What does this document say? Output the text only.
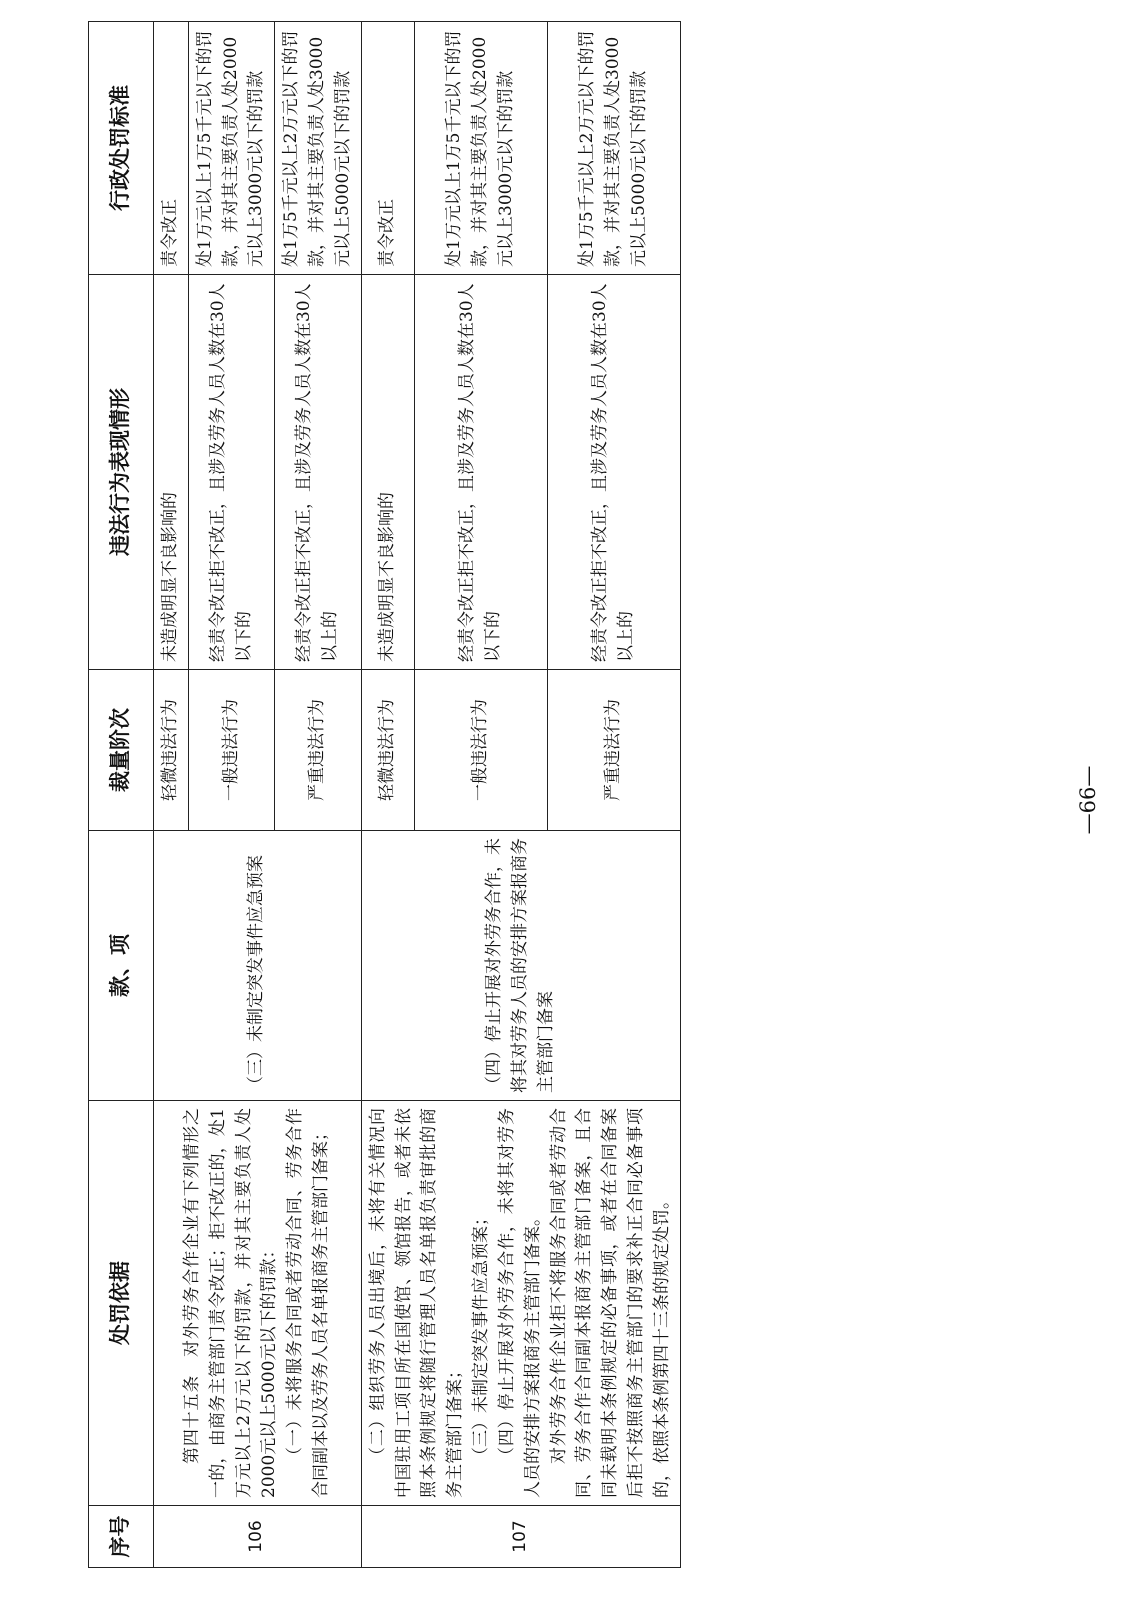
序号	处罚依据	款、项	裁量阶次	违法行为表现情形	行政处罚标准
106	第四十五条　对外劳务合作企业有下列情形之一的，由商务主管部门责令改正；拒不改正的，处1万元以上2万元以下的罚款，并对其主要负责人处2000元以上5000元以下的罚款： （一）未将服务合同或者劳动合同、劳务合作合同副本以及劳务人员名单报商务主管部门备案；	（三）未制定突发事件应急预案	轻微违法行为	未造成明显不良影响的	责令改正
			一般违法行为	经责令改正拒不改正，且涉及劳务人员人数在30人以下的	处1万元以上1万5千元以下的罚款，并对其主要负责人处2000元以上3000元以下的罚款
			严重违法行为	经责令改正拒不改正，且涉及劳务人员人数在30人以上的	处1万5千元以上2万元以下的罚款，并对其主要负责人处3000元以上5000元以下的罚款
107	（二）组织劳务人员出境后，未将有关情况向中国驻用工项目所在国使馆、领馆报告，或者未依照本条例规定将随行管理人员名单报负责审批的商务主管部门备案； （三）未制定突发事件应急预案； （四）停止开展对外劳务合作，未将其对劳务人员的安排方案报商务主管部门备案。 对外劳务合作企业拒不将服务合同或者劳动合同、劳务合作合同副本报商务主管部门备案，且合同未载明本条例规定的必备事项，或者在合同备案后拒不按照商务主管部门的要求补正合同必备事项的，依照本条例第四十三条的规定处罚。	（四）停止开展对外劳务合作，未将其对劳务人员的安排方案报商务主管部门备案	轻微违法行为	未造成明显不良影响的	责令改正
			一般违法行为	经责令改正拒不改正，且涉及劳务人员人数在30人以下的	处1万元以上1万5千元以下的罚款，并对其主要负责人处2000元以上3000元以下的罚款
			严重违法行为	经责令改正拒不改正，且涉及劳务人员人数在30人以上的	处1万5千元以上2万元以下的罚款，并对其主要负责人处3000元以上5000元以下的罚款
—66—
